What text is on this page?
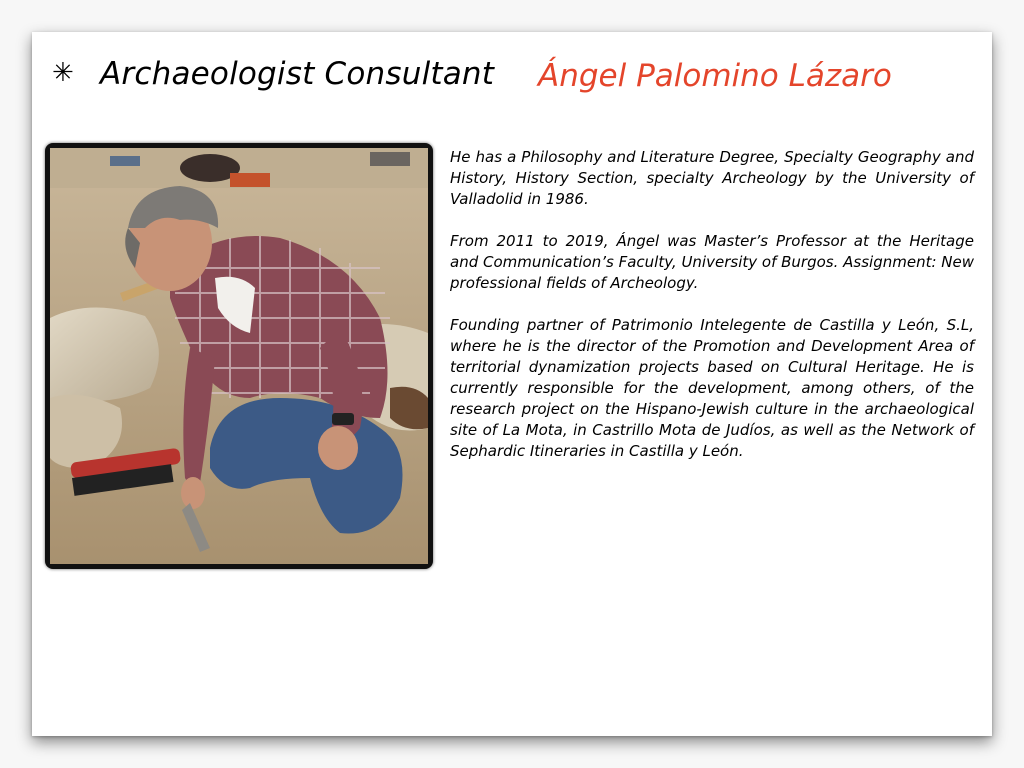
✳ Archaeologist Consultant Ángel Palomino Lázaro

He has a Philosophy and Literature Degree, Specialty Geography and History, History Section, specialty Archeology by the University of Valladolid in 1986.

From 2011 to 2019, Ángel was Master’s Professor at the Heritage and Communication’s Faculty, University of Burgos. Assignment: New professional fields of Archeology.

Founding partner of Patrimonio Intelegente de Castilla y León, S.L, where he is the director of the Promotion and Development Area of territorial dynamization projects based on Cultural Heritage. He is currently responsible for the development, among others, of the research project on the Hispano-Jewish culture in the archaeological site of La Mota, in Castrillo Mota de Judíos, as well as the Network of Sephardic Itineraries in Castilla y León.
